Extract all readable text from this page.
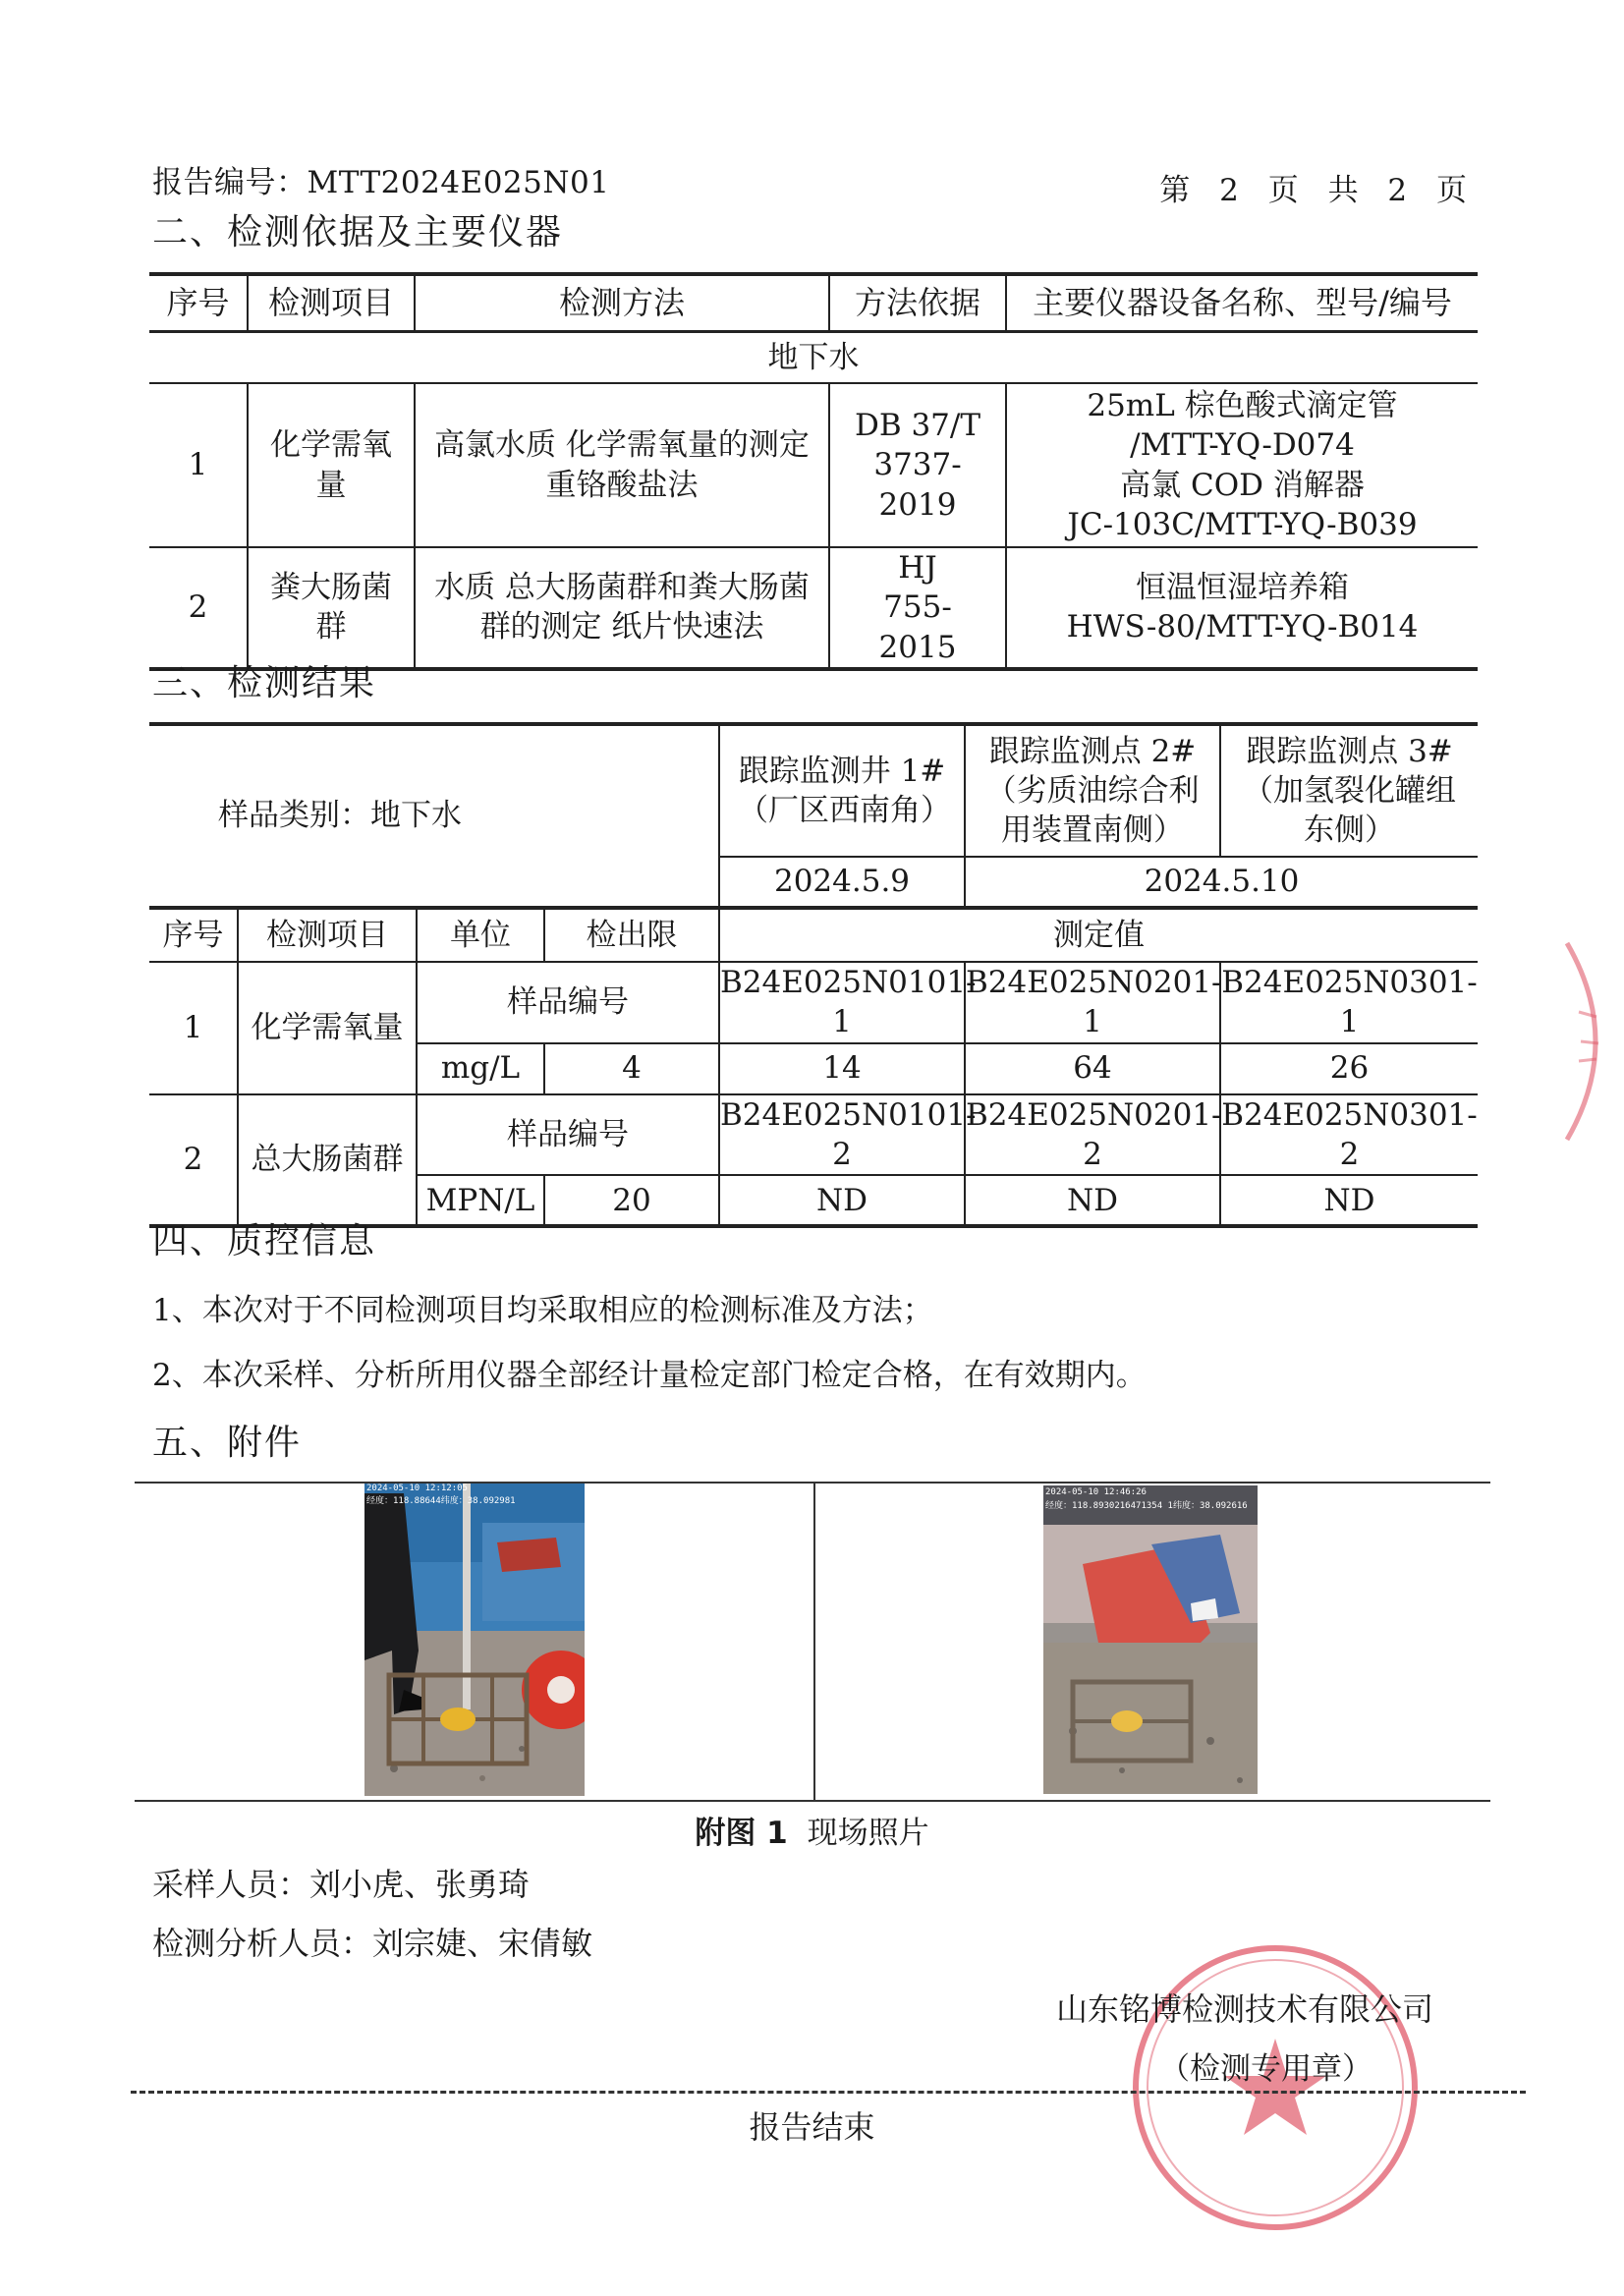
报告编号：MTT2024E025N01	第 2 页 共 2 页
二、检测依据及主要仪器
序号	检测项目	检测方法	方法依据	主要仪器设备名称、型号/编号
地下水				
1	化学需氧量	高氯水质 化学需氧量的测定 重铬酸盐法	DB 37/T 3737-2019	25mL 棕色酸式滴定管
/MTT-YQ-D074
高氯 COD 消解器
JC-103C/MTT-YQ-B039

2	粪大肠菌群	水质 总大肠菌群和粪大肠菌群的测定 纸片快速法	HJ 755-2015	恒温恒湿培养箱
HWS-80/MTT-YQ-B014
三、检测结果
样品类别：地下水				跟踪监测井 1#（厂区西南角）	跟踪监测点 2#（劣质油综合利用装置南侧）	跟踪监测点 3#（加氢裂化罐组东侧）
				2024.5.9	2024.5.10	
序号	检测项目	单位	检出限	测定值		
1	化学需氧量	样品编号		B24E025N0101-1	B24E025N0201-1	B24E025N0301-1
		mg/L	4	14	64	26
2	总大肠菌群	样品编号		B24E025N0101-2	B24E025N0201-2	B24E025N0301-2
		MPN/L	20	ND	ND	ND
四、质控信息
1、本次对于不同检测项目均采取相应的检测标准及方法；
2、本次采样、分析所用仪器全部经计量检定部门检定合格，在有效期内。
五、附件
2024-05-10 12:12:05
经度：118.88644纬度：38.092981
2024-05-10 12:46:26
经度：118.8930216471354 1纬度：38.092616
附图 1 现场照片
采样人员：刘小虎、张勇琦
检测分析人员：刘宗婕、宋倩敏
山东铭博检测技术有限公司
（检测专用章）
报告结束
